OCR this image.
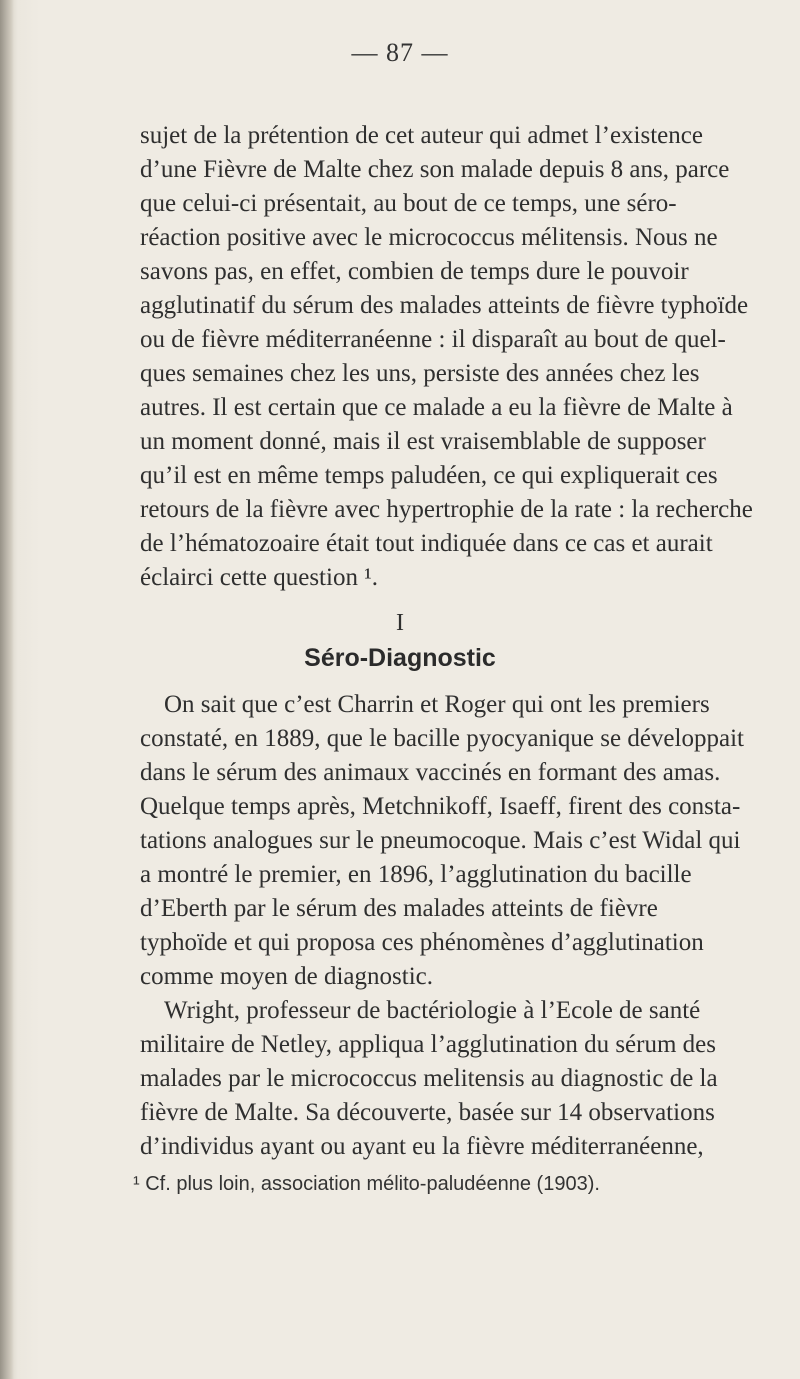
— 87 —
sujet de la prétention de cet auteur qui admet l’existence
d’une Fièvre de Malte chez son malade depuis 8 ans, parce
que celui-ci présentait, au bout de ce temps, une séro-
réaction positive avec le micrococcus mélitensis. Nous ne
savons pas, en effet, combien de temps dure le pouvoir
agglutinatif du sérum des malades atteints de fièvre typhoïde
ou de fièvre méditerranéenne : il disparaît au bout de quel-
ques semaines chez les uns, persiste des années chez les
autres. Il est certain que ce malade a eu la fièvre de Malte à
un moment donné, mais il est vraisemblable de supposer
qu’il est en même temps paludéen, ce qui expliquerait ces
retours de la fièvre avec hypertrophie de la rate : la recherche
de l’hématozoaire était tout indiquée dans ce cas et aurait
éclairci cette question ¹.
I
Séro-Diagnostic
On sait que c’est Charrin et Roger qui ont les premiers
constaté, en 1889, que le bacille pyocyanique se développait
dans le sérum des animaux vaccinés en formant des amas.
Quelque temps après, Metchnikoff, Isaeff, firent des consta-
tations analogues sur le pneumocoque. Mais c’est Widal qui
a montré le premier, en 1896, l’agglutination du bacille
d’Eberth par le sérum des malades atteints de fièvre
typhoïde et qui proposa ces phénomènes d’agglutination
comme moyen de diagnostic.
Wright, professeur de bactériologie à l’Ecole de santé
militaire de Netley, appliqua l’agglutination du sérum des
malades par le micrococcus melitensis au diagnostic de la
fièvre de Malte. Sa découverte, basée sur 14 observations
d’individus ayant ou ayant eu la fièvre méditerranéenne,
¹ Cf. plus loin, association mélito-paludéenne (1903).
